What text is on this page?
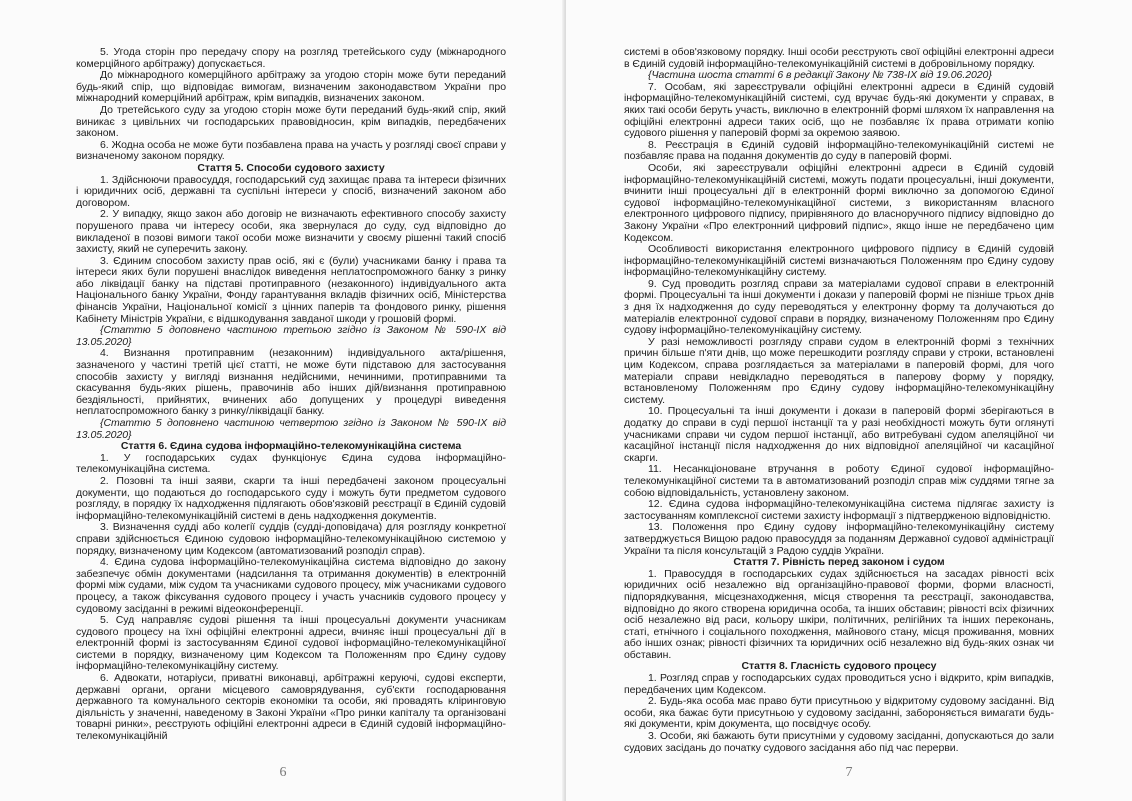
5. Угода сторін про передачу спору на розгляд третейського суду (міжнародного комерційного арбітражу) допускається.

До міжнародного комерційного арбітражу за угодою сторін може бути переданий будь-який спір, що відповідає вимогам, визначеним законодавством України про міжнародний комерційний арбітраж, крім випадків, визначених законом.

До третейського суду за угодою сторін може бути переданий будь-який спір, який виникає з цивільних чи господарських правовідносин, крім випадків, передбачених законом.

6. Жодна особа не може бути позбавлена права на участь у розгляді своєї справи у визначеному законом порядку.

Стаття 5. Способи судового захисту

1. Здійснюючи правосуддя, господарський суд захищає права та інтереси фізичних і юридичних осіб, державні та суспільні інтереси у спосіб, визначений законом або договором.

2. У випадку, якщо закон або договір не визначають ефективного способу захисту порушеного права чи інтересу особи, яка звернулася до суду, суд відповідно до викладеної в позові вимоги такої особи може визначити у своєму рішенні такий спосіб захисту, який не суперечить закону.

3. Єдиним способом захисту прав осіб, які є (були) учасниками банку і права та інтереси яких були порушені внаслідок виведення неплатоспроможного банку з ринку або ліквідації банку на підставі протиправного (незаконного) індивідуального акта Національного банку України, Фонду гарантування вкладів фізичних осіб, Міністерства фінансів України, Національної комісії з цінних паперів та фондового ринку, рішення Кабінету Міністрів України, є відшкодування завданої шкоди у грошовій формі.

{Статтю 5 доповнено частиною третьою згідно із Законом № 590-IX від 13.05.2020}

4. Визнання протиправним (незаконним) індивідуального акта/рішення, зазначеного у частині третій цієї статті, не може бути підставою для застосування способів захисту у вигляді визнання недійсними, нечинними, протиправними та скасування будь-яких рішень, правочинів або інших дій/визнання протиправною бездіяльності, прийнятих, вчинених або допущених у процедурі виведення неплатоспроможного банку з ринку/ліквідації банку.

{Статтю 5 доповнено частиною четвертою згідно із Законом № 590-IX від 13.05.2020}

Стаття 6. Єдина судова інформаційно-телекомунікаційна система

1. У господарських судах функціонує Єдина судова інформаційно-телекомунікаційна система.

2. Позовні та інші заяви, скарги та інші передбачені законом процесуальні документи, що подаються до господарського суду і можуть бути предметом судового розгляду, в порядку їх надходження підлягають обов'язковій реєстрації в Єдиній судовій інформаційно-телекомунікаційній системі в день надходження документів.

3. Визначення судді або колегії суддів (судді-доповідача) для розгляду конкретної справи здійснюється Єдиною судовою інформаційно-телекомунікаційною системою у порядку, визначеному цим Кодексом (автоматизований розподіл справ).

4. Єдина судова інформаційно-телекомунікаційна система відповідно до закону забезпечує обмін документами (надсилання та отримання документів) в електронній формі між судами, між судом та учасниками судового процесу, між учасниками судового процесу, а також фіксування судового процесу і участь учасників судового процесу у судовому засіданні в режимі відеоконференції.

5. Суд направляє судові рішення та інші процесуальні документи учасникам судового процесу на їхні офіційні електронні адреси, вчиняє інші процесуальні дії в електронній формі із застосуванням Єдиної судової інформаційно-телекомунікаційної системи в порядку, визначеному цим Кодексом та Положенням про Єдину судову інформаційно-телекомунікаційну систему.

6. Адвокати, нотаріуси, приватні виконавці, арбітражні керуючі, судові експерти, державні органи, органи місцевого самоврядування, суб'єкти господарювання державного та комунального секторів економіки та особи, які провадять кліринговую діяльність у значенні, наведеному в Законі України «Про ринки капіталу та організовані товарні ринки», реєструють офіційні електронні адреси в Єдиній судовій інформаційно-телекомунікаційній

6

системі в обов'язковому порядку. Інші особи реєструють свої офіційні електронні адреси в Єдиній судовій інформаційно-телекомунікаційній системі в добровільному порядку.

{Частина шоста статті 6 в редакції Закону № 738-IX від 19.06.2020}

7. Особам, які зареєстрували офіційні електронні адреси в Єдиній судовій інформаційно-телекомунікаційній системі, суд вручає будь-які документи у справах, в яких такі особи беруть участь, виключно в електронній формі шляхом їх направлення на офіційні електронні адреси таких осіб, що не позбавляє їх права отримати копію судового рішення у паперовій формі за окремою заявою.

8. Реєстрація в Єдиній судовій інформаційно-телекомунікаційній системі не позбавляє права на подання документів до суду в паперовій формі.

Особи, які зареєстрували офіційні електронні адреси в Єдиній судовій інформаційно-телекомунікаційній системі, можуть подати процесуальні, інші документи, вчинити інші процесуальні дії в електронній формі виключно за допомогою Єдиної судової інформаційно-телекомунікаційної системи, з використанням власного електронного цифрового підпису, прирівняного до власноручного підпису відповідно до Закону України «Про електронний цифровий підпис», якщо інше не передбачено цим Кодексом.

Особливості використання електронного цифрового підпису в Єдиній судовій інформаційно-телекомунікаційній системі визначаються Положенням про Єдину судову інформаційно-телекомунікаційну систему.

9. Суд проводить розгляд справи за матеріалами судової справи в електронній формі. Процесуальні та інші документи і докази у паперовій формі не пізніше трьох днів з дня їх надходження до суду переводяться у електронну форму та долучаються до матеріалів електронної судової справи в порядку, визначеному Положенням про Єдину судову інформаційно-телекомунікаційну систему.

У разі неможливості розгляду справи судом в електронній формі з технічних причин більше п'яти днів, що може перешкодити розгляду справи у строки, встановлені цим Кодексом, справа розглядається за матеріалами в паперовій формі, для чого матеріали справи невідкладно переводяться в паперову форму у порядку, встановленому Положенням про Єдину судову інформаційно-телекомунікаційну систему.

10. Процесуальні та інші документи і докази в паперовій формі зберігаються в додатку до справи в суді першої інстанції та у разі необхідності можуть бути оглянуті учасниками справи чи судом першої інстанції, або витребувані судом апеляційної чи касаційної інстанції після надходження до них відповідної апеляційної чи касаційної скарги.

11. Несанкціоноване втручання в роботу Єдиної судової інформаційно-телекомунікаційної системи та в автоматизований розподіл справ між суддями тягне за собою відповідальність, установлену законом.

12. Єдина судова інформаційно-телекомунікаційна система підлягає захисту із застосуванням комплексної системи захисту інформації з підтвердженою відповідністю.

13. Положення про Єдину судову інформаційно-телекомунікаційну систему затверджується Вищою радою правосуддя за поданням Державної судової адміністрації України та після консультацій з Радою суддів України.

Стаття 7. Рівність перед законом і судом

1. Правосуддя в господарських судах здійснюється на засадах рівності всіх юридичних осіб незалежно від організаційно-правової форми, форми власності, підпорядкування, місцезнаходження, місця створення та реєстрації, законодавства, відповідно до якого створена юридична особа, та інших обставин; рівності всіх фізичних осіб незалежно від раси, кольору шкіри, політичних, релігійних та інших переконань, статі, етнічного і соціального походження, майнового стану, місця проживання, мовних або інших ознак; рівності фізичних та юридичних осіб незалежно від будь-яких ознак чи обставин.

Стаття 8. Гласність судового процесу

1. Розгляд справ у господарських судах проводиться усно і відкрито, крім випадків, передбачених цим Кодексом.

2. Будь-яка особа має право бути присутньою у відкритому судовому засіданні. Від особи, яка бажає бути присутньою у судовому засіданні, забороняється вимагати будь-які документи, крім документа, що посвідчує особу.

3. Особи, які бажають бути присутніми у судовому засіданні, допускаються до зали судових засідань до початку судового засідання або під час перерви.

7
